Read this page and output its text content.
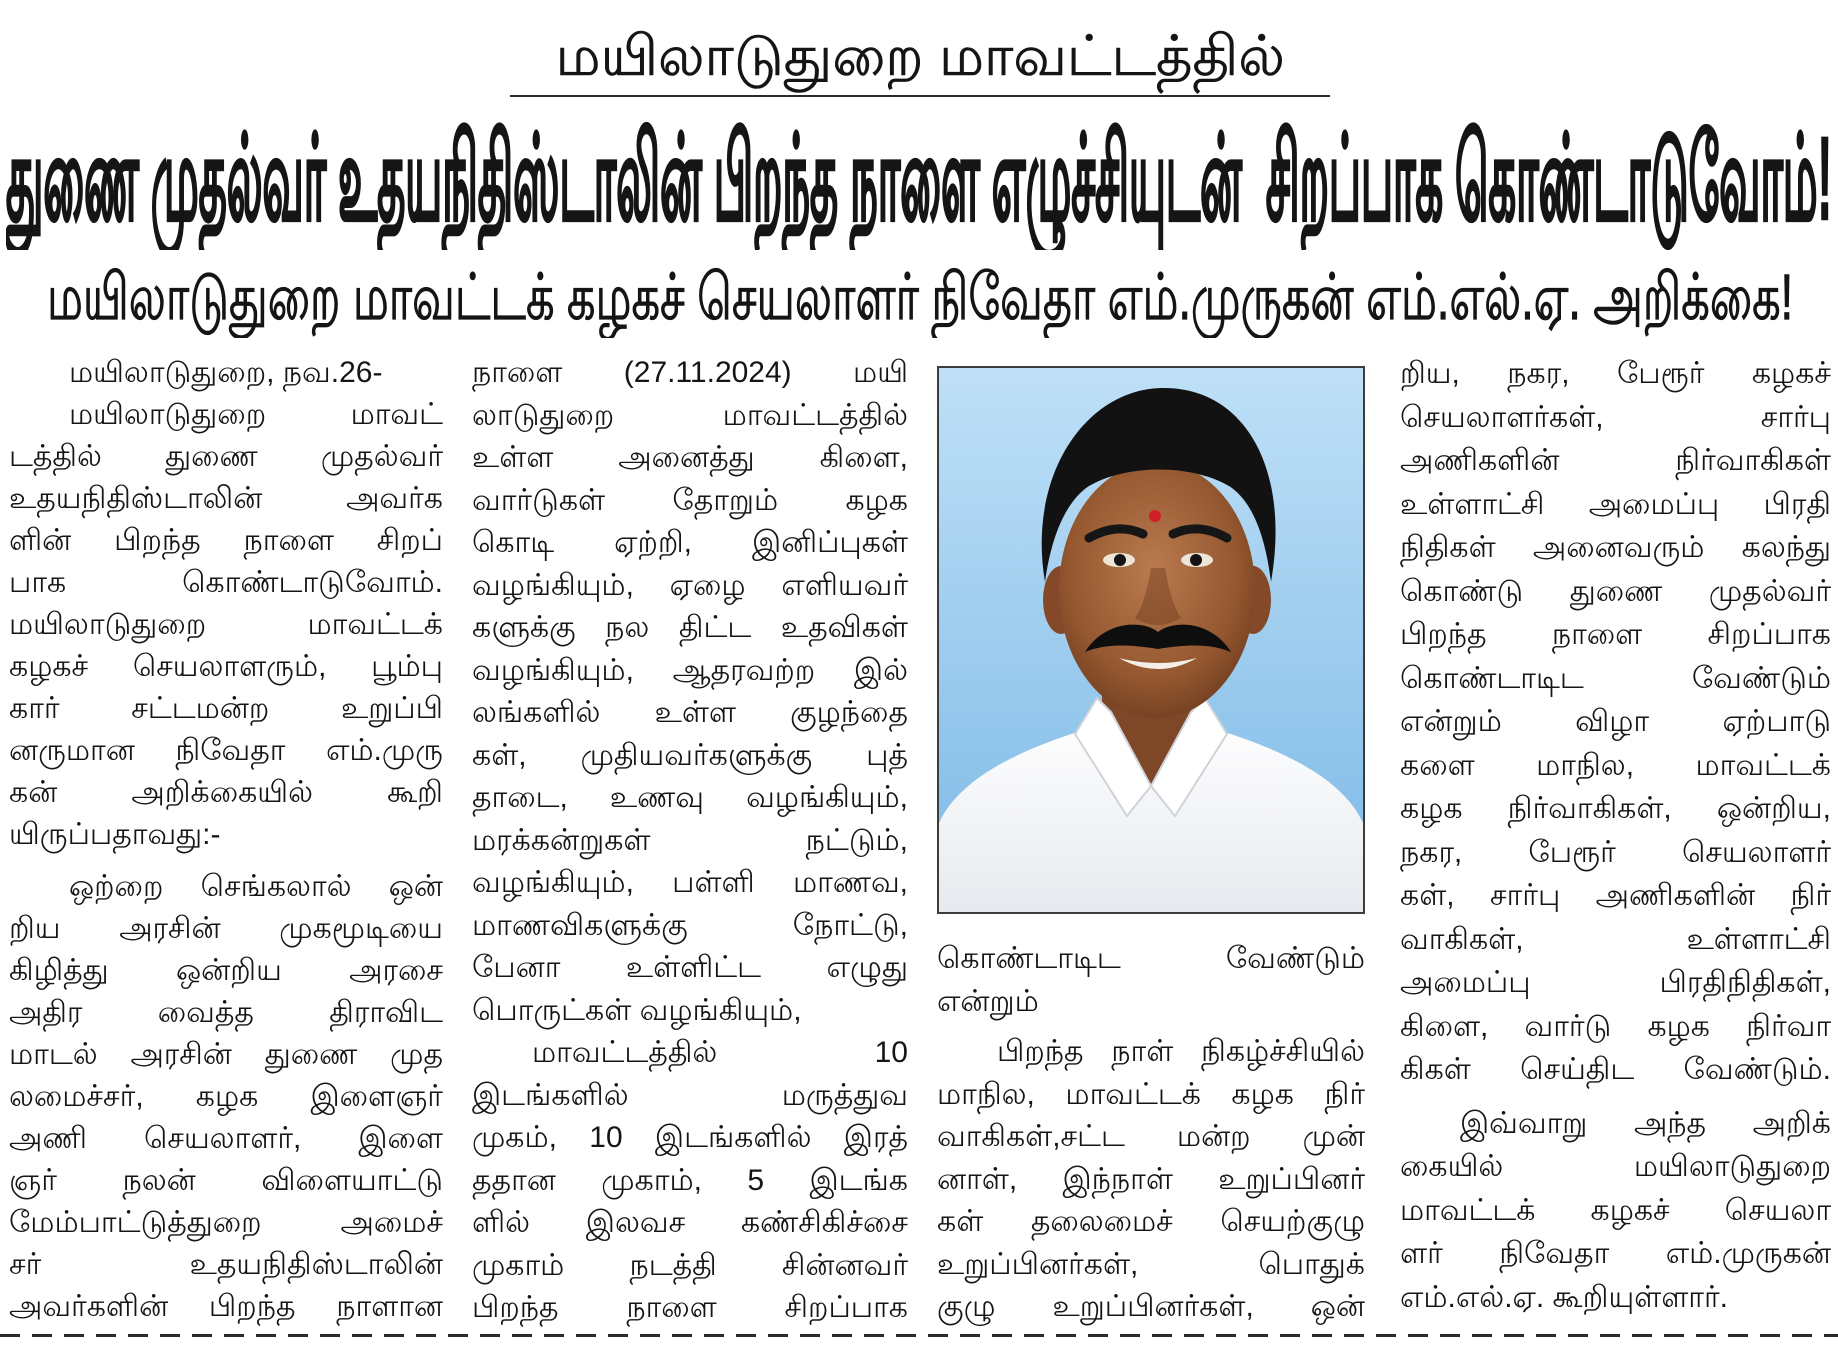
மயிலாடுதுறை மாவட்டத்தில்
துணை முதல்வர் உதயநிதிஸ்டாலின் பிறந்த நாளை எழுச்சியுடன்  சிறப்பாக கொண்டாடுவோம்!
மயிலாடுதுறை மாவட்டக் கழகச் செயலாளர் நிவேதா எம்.முருகன் எம்.எல்.ஏ. அறிக்கை!
மயிலாடுதுறை, நவ.26-
மயிலாடுதுறை மாவட்
டத்தில் துணை முதல்வர்
உதயநிதிஸ்டாலின் அவர்க
ளின் பிறந்த நாளை சிறப்
பாக கொண்டாடுவோம்.
மயிலாடுதுறை மாவட்டக்
கழகச் செயலாளரும், பூம்பு
கார் சட்டமன்ற உறுப்பி
னருமான நிவேதா எம்.முரு
கன் அறிக்கையில் கூறி
யிருப்பதாவது:-
ஒற்றை செங்கலால் ஒன்
றிய அரசின் முகமூடியை
கிழித்து ஒன்றிய அரசை
அதிர வைத்த திராவிட
மாடல் அரசின் துணை முத
லமைச்சர், கழக இளைஞர்
அணி செயலாளர், இளை
ஞர் நலன் விளையாட்டு
மேம்பாட்டுத்துறை அமைச்
சர் உதயநிதிஸ்டாலின்
அவர்களின் பிறந்த நாளான
நாளை (27.11.2024) மயி
லாடுதுறை மாவட்டத்தில்
உள்ள அனைத்து கிளை,
வார்டுகள் தோறும் கழக
கொடி ஏற்றி, இனிப்புகள்
வழங்கியும், ஏழை எளியவர்
களுக்கு நல திட்ட உதவிகள்
வழங்கியும், ஆதரவற்ற இல்
லங்களில் உள்ள குழந்தை
கள், முதியவர்களுக்கு புத்
தாடை, உணவு வழங்கியும்,
மரக்கன்றுகள் நட்டும்,
வழங்கியும், பள்ளி மாணவ,
மாணவிகளுக்கு நோட்டு,
பேனா உள்ளிட்ட எழுது
பொருட்கள் வழங்கியும்,
மாவட்டத்தில் 10
இடங்களில் மருத்துவ
முகம், 10 இடங்களில் இரத்
ததான முகாம், 5 இடங்க
ளில் இலவச கண்சிகிச்சை
முகாம் நடத்தி சின்னவர்
பிறந்த நாளை சிறப்பாக
கொண்டாடிட வேண்டும்
என்றும்
பிறந்த நாள் நிகழ்ச்சியில்
மாநில, மாவட்டக் கழக நிர்
வாகிகள்,சட்ட மன்ற முன்
னாள், இந்நாள் உறுப்பினர்
கள் தலைமைச் செயற்குழு
உறுப்பினர்கள், பொதுக்
குழு உறுப்பினர்கள், ஒன்
றிய, நகர, பேரூர் கழகச்
செயலாளர்கள், சார்பு
அணிகளின் நிர்வாகிகள்
உள்ளாட்சி அமைப்பு பிரதி
நிதிகள் அனைவரும் கலந்து
கொண்டு துணை முதல்வர்
பிறந்த நாளை சிறப்பாக
கொண்டாடிட வேண்டும்
என்றும் விழா ஏற்பாடு
களை மாநில, மாவட்டக்
கழக நிர்வாகிகள், ஒன்றிய,
நகர, பேரூர் செயலாளர்
கள், சார்பு அணிகளின் நிர்
வாகிகள், உள்ளாட்சி
அமைப்பு பிரதிநிதிகள்,
கிளை, வார்டு கழக நிர்வா
கிகள் செய்திட வேண்டும்.
இவ்வாறு அந்த அறிக்
கையில் மயிலாடுதுறை
மாவட்டக் கழகச் செயலா
ளர் நிவேதா எம்.முருகன்
எம்.எல்.ஏ. கூறியுள்ளார்.
